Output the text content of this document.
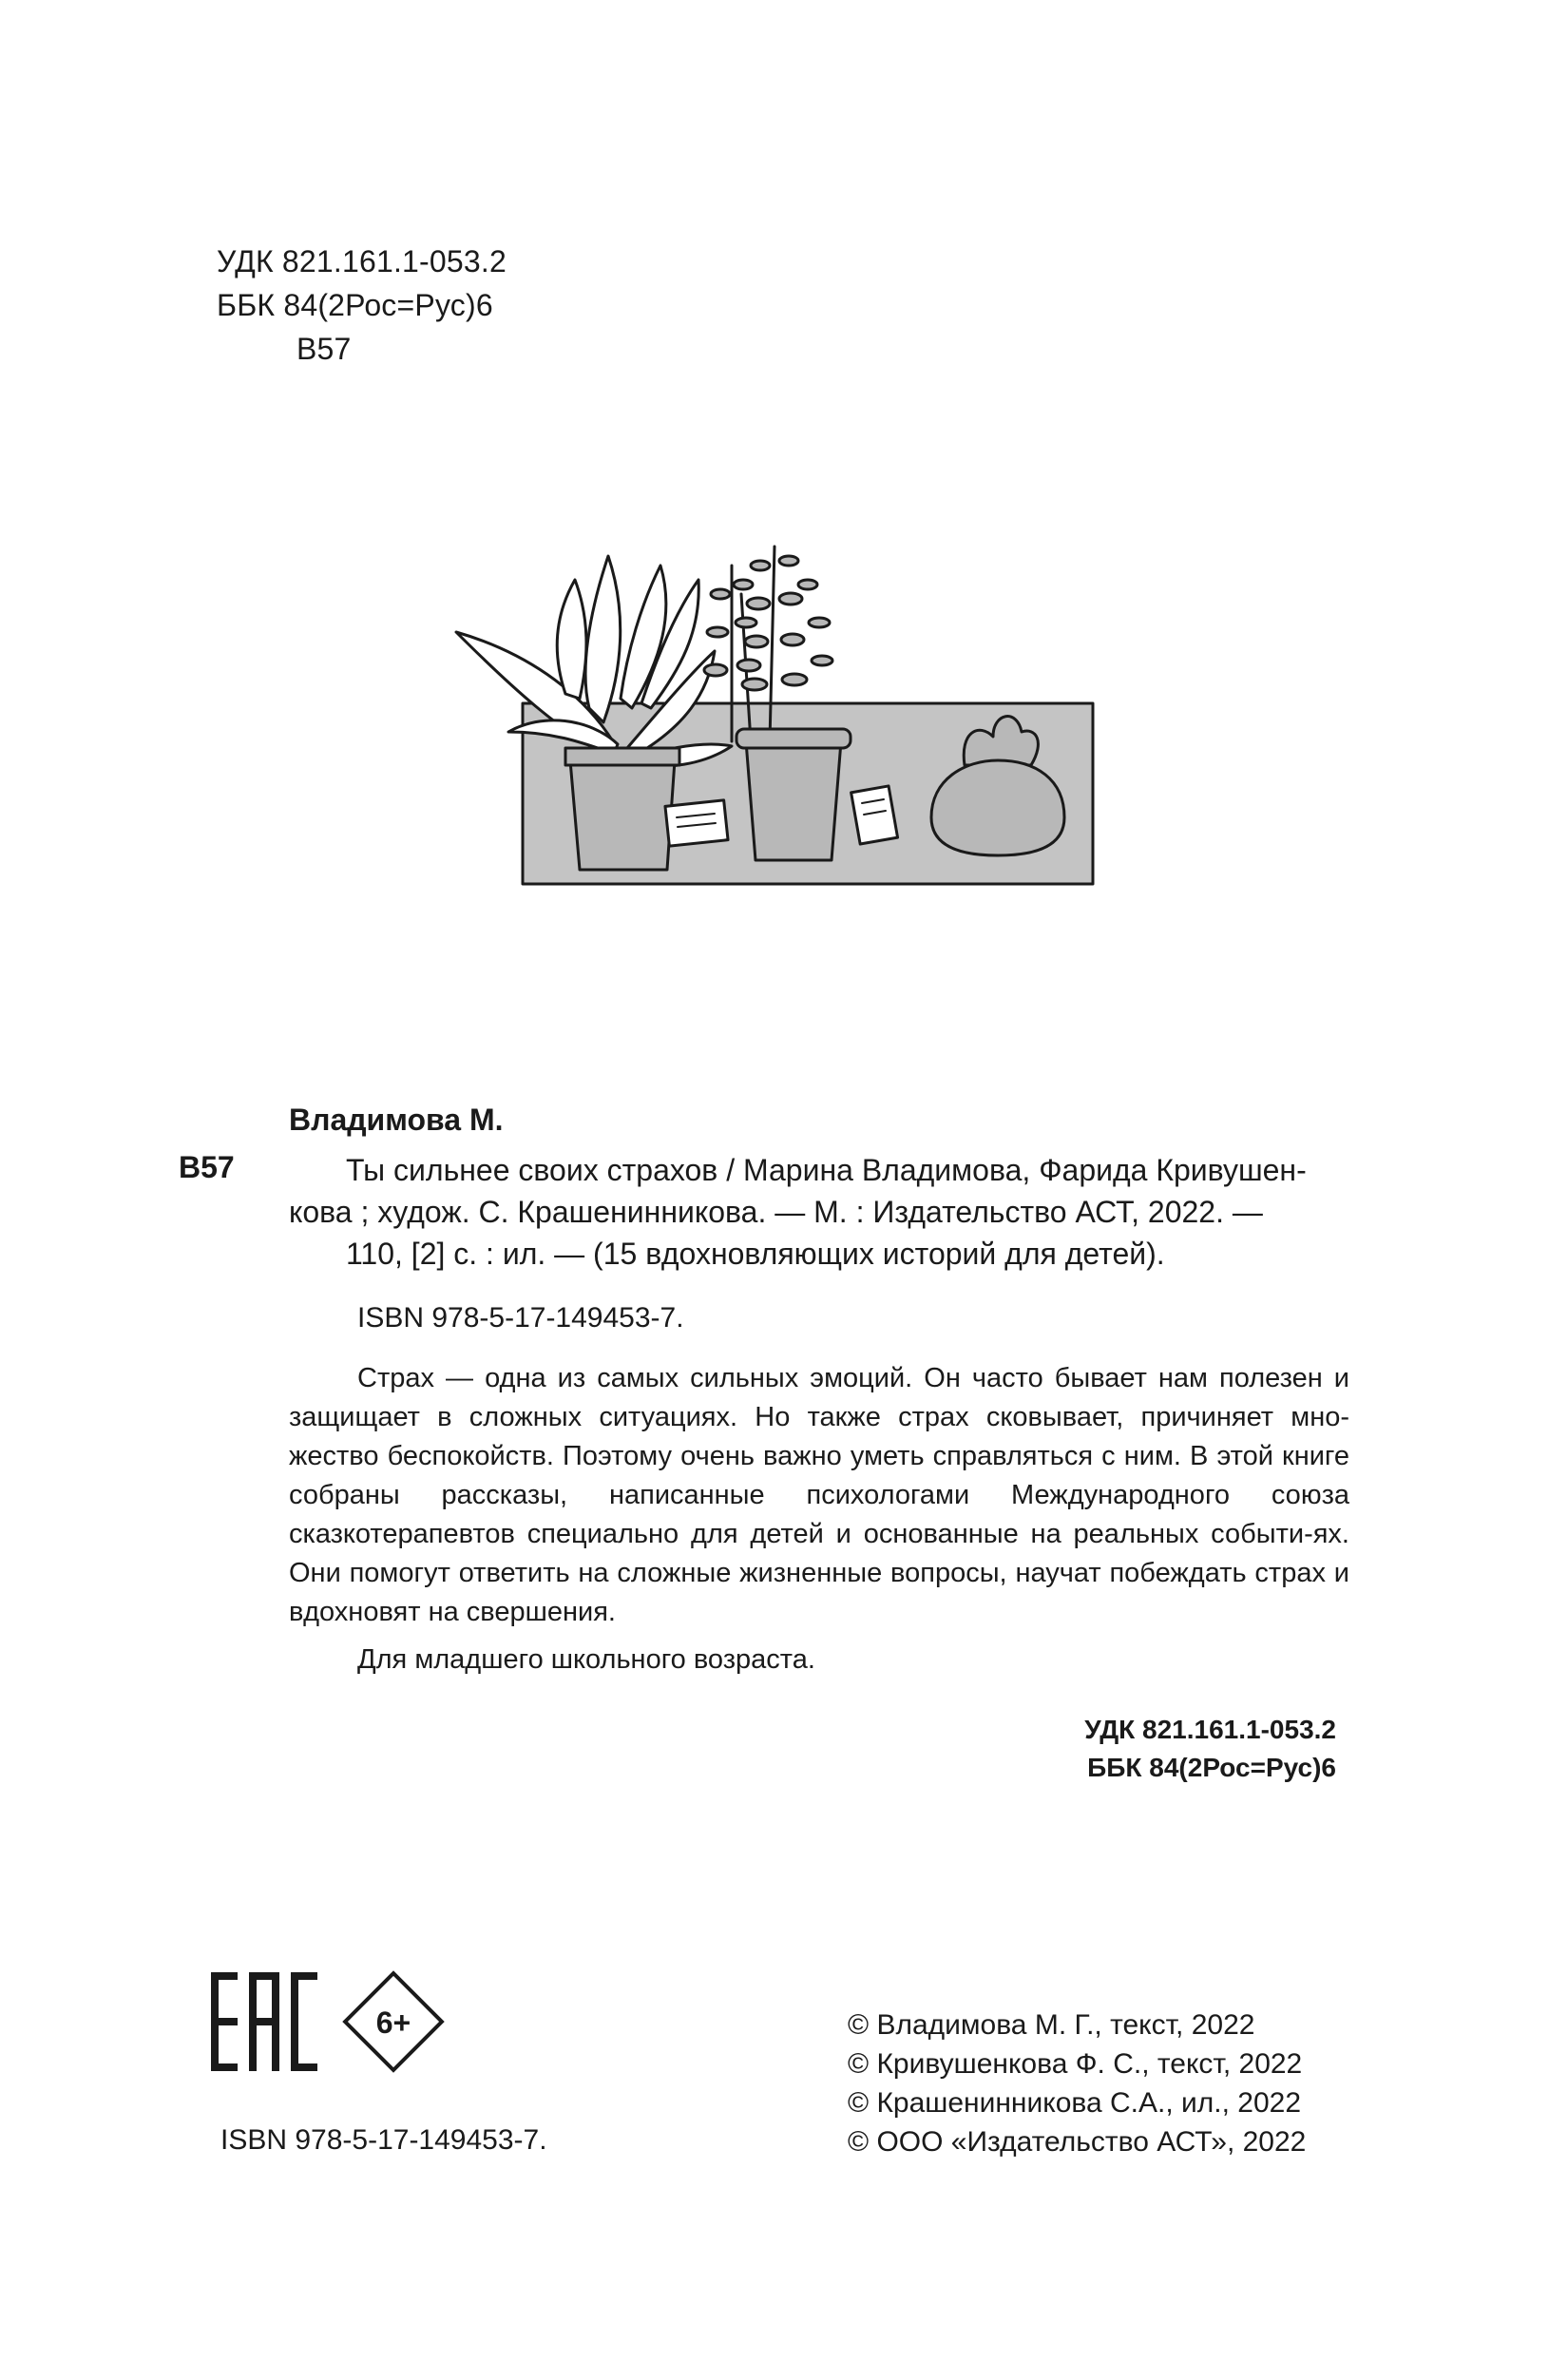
УДК 821.161.1-053.2
ББК 84(2Рос=Рус)6
В57
Владимова М.
В57	Ты сильнее своих страхов / Марина Владимова, Фарида Кривушен-
кова ; худож. С. Крашенинникова. — М. : Издательство АСТ, 2022. —
110, [2] с. : ил. — (15 вдохновляющих историй для детей).
ISBN 978-5-17-149453-7.

Страх — одна из самых сильных эмоций. Он часто бывает нам полезен и защищает в сложных ситуациях. Но также страх сковывает, причиняет мно-жество беспокойств. Поэтому очень важно уметь справляться с ним. В этой книге собраны рассказы, написанные психологами Международного союза сказкотерапевтов специально для детей и основанные на реальных событи-ях. Они помогут ответить на сложные жизненные вопросы, научат побеждать страх и вдохновят на свершения.

Для младшего школьного возраста.
УДК 821.161.1-053.2
ББК 84(2Рос=Рус)6
6+
ISBN 978-5-17-149453-7.
© Владимова М. Г., текст, 2022
© Кривушенкова Ф. С., текст, 2022
© Крашенинникова С.А., ил., 2022
© ООО «Издательство АСТ», 2022
